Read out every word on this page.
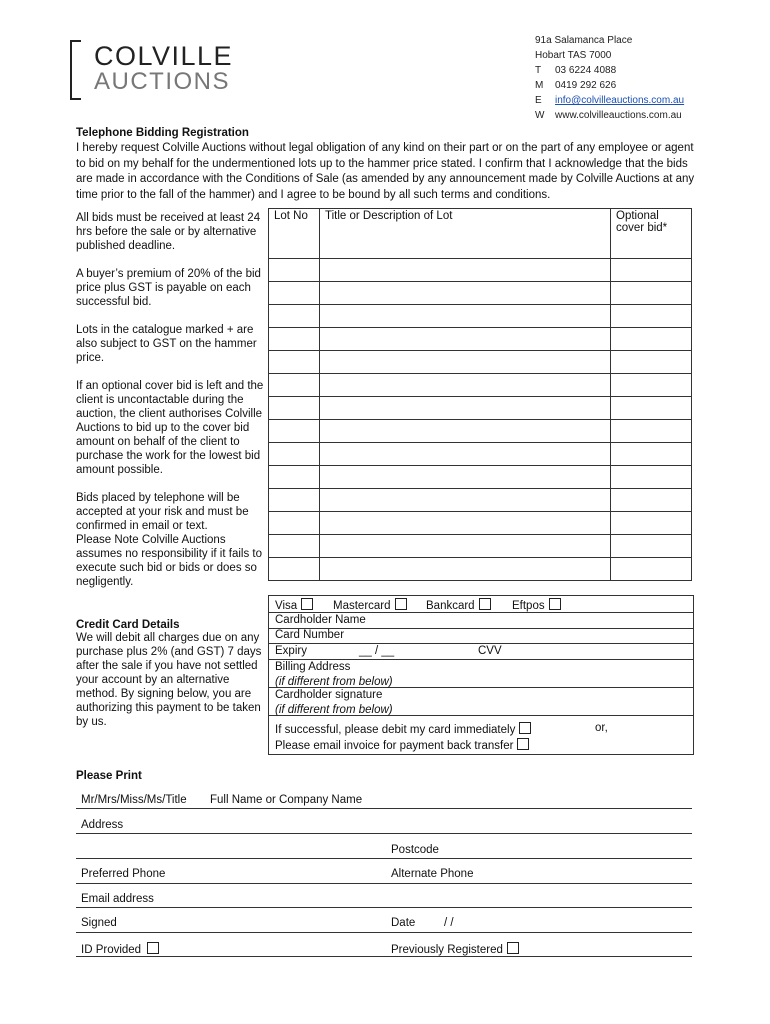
COLVILLE
AUCTIONS
91a Salamanca Place
Hobart TAS 7000
T 03 6224 4088
M 0419 292 626
E info@colvilleauctions.com.au
W www.colvilleauctions.com.au
Telephone Bidding Registration
I hereby request Colville Auctions without legal obligation of any kind on their part or on the part of any employee or agent to bid on my behalf for the undermentioned lots up to the hammer price stated. I confirm that I acknowledge that the bids are made in accordance with the Conditions of Sale (as amended by any announcement made by Colville Auctions at any time prior to the fall of the hammer) and I agree to be bound by all such terms and conditions.
All bids must be received at least 24 hrs before the sale or by alternative published deadline.
A buyer’s premium of 20% of the bid price plus GST is payable on each successful bid.
Lots in the catalogue marked + are also subject to GST on the hammer price.
If an optional cover bid is left and the client is uncontactable during the auction, the client authorises Colville Auctions to bid up to the cover bid amount on behalf of the client to purchase the work for the lowest bid amount possible.
Bids placed by telephone will be accepted at your risk and must be confirmed in email or text.
Please Note Colville Auctions assumes no responsibility if it fails to execute such bid or bids or does so negligently.
Credit Card Details
We will debit all charges due on any purchase plus 2% (and GST) 7 days after the sale if you have not settled your account by an alternative method. By signing below, you are authorizing this payment to be taken by us.
Lot No	Title or Description of Lot	Optional
cover bid*

Visa	Mastercard	Bankcard	Eftpos
Cardholder Name
Card Number
Expiry	__ / __	CVV
Billing Address
(if different from below)
Cardholder signature
(if different from below)
If successful, please debit my card immediately	or,
Please email invoice for payment back transfer
Please Print
Mr/Mrs/Miss/Ms/Title Full Name or Company Name
Address
Postcode
Preferred Phone	Alternate Phone
Email address
Signed	Date / /
ID Provided	Previously Registered
